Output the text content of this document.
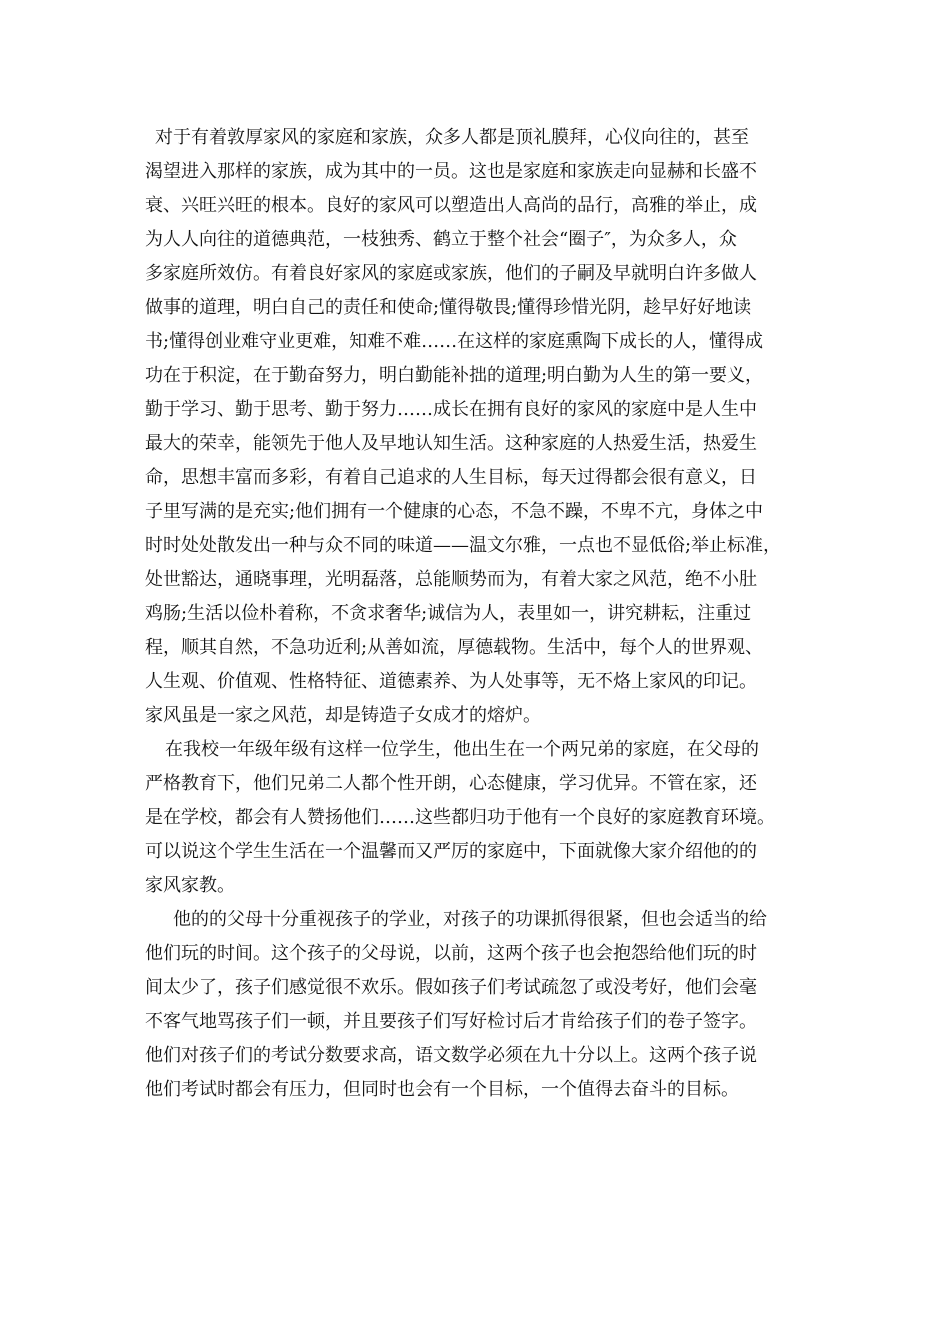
对于有着敦厚家风的家庭和家族，众多人都是顶礼膜拜，心仪向往的，甚至
渴望进入那样的家族，成为其中的一员。这也是家庭和家族走向显赫和长盛不
衰、兴旺兴旺的根本。良好的家风可以塑造出人高尚的品行，高雅的举止，成
为人人向往的道德典范，一枝独秀、鹤立于整个社会“圈子″，为众多人，众
多家庭所效仿。有着良好家风的家庭或家族，他们的子嗣及早就明白许多做人
做事的道理，明白自己的责任和使命;懂得敬畏;懂得珍惜光阴，趁早好好地读
书;懂得创业难守业更难，知难不难……在这样的家庭熏陶下成长的人，懂得成
功在于积淀，在于勤奋努力，明白勤能补拙的道理;明白勤为人生的第一要义，
勤于学习、勤于思考、勤于努力……成长在拥有良好的家风的家庭中是人生中
最大的荣幸，能领先于他人及早地认知生活。这种家庭的人热爱生活，热爱生
命，思想丰富而多彩，有着自己追求的人生目标，每天过得都会很有意义，日
子里写满的是充实;他们拥有一个健康的心态，不急不躁，不卑不亢，身体之中
时时处处散发出一种与众不同的味道——温文尔雅，一点也不显低俗;举止标准，
处世豁达，通晓事理，光明磊落，总能顺势而为，有着大家之风范，绝不小肚
鸡肠;生活以俭朴着称，不贪求奢华;诚信为人，表里如一，讲究耕耘，注重过
程，顺其自然，不急功近利;从善如流，厚德载物。生活中，每个人的世界观、
人生观、价值观、性格特征、道德素养、为人处事等，无不烙上家风的印记。
家风虽是一家之风范，却是铸造子女成才的熔炉。
在我校一年级年级有这样一位学生，他出生在一个两兄弟的家庭，在父母的
严格教育下，他们兄弟二人都个性开朗，心态健康，学习优异。不管在家，还
是在学校，都会有人赞扬他们……这些都归功于他有一个良好的家庭教育环境。
可以说这个学生生活在一个温馨而又严厉的家庭中，下面就像大家介绍他的的
家风家教。
他的的父母十分重视孩子的学业，对孩子的功课抓得很紧，但也会适当的给
他们玩的时间。这个孩子的父母说，以前，这两个孩子也会抱怨给他们玩的时
间太少了，孩子们感觉很不欢乐。假如孩子们考试疏忽了或没考好，他们会毫
不客气地骂孩子们一顿，并且要孩子们写好检讨后才肯给孩子们的卷子签字。
他们对孩子们的考试分数要求高，语文数学必须在九十分以上。这两个孩子说
他们考试时都会有压力，但同时也会有一个目标，一个值得去奋斗的目标。
